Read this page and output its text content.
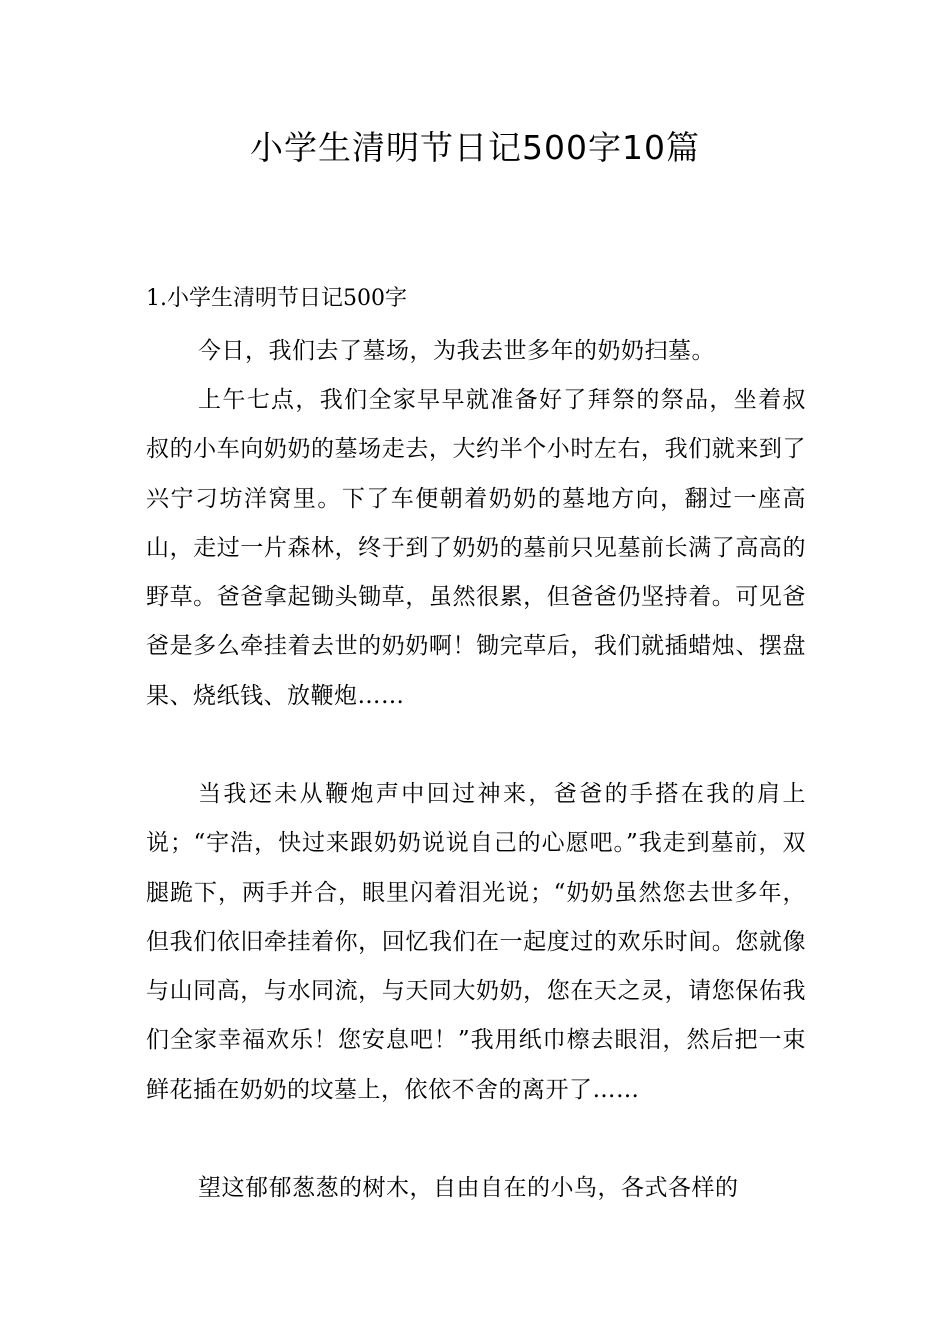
小学生清明节日记500字10篇
1.小学生清明节日记500字

今日，我们去了墓场，为我去世多年的奶奶扫墓。

上午七点，我们全家早早就准备好了拜祭的祭品，坐着叔叔的小车向奶奶的墓场走去，大约半个小时左右，我们就来到了兴宁刁坊洋窝里。下了车便朝着奶奶的墓地方向，翻过一座高山，走过一片森林，终于到了奶奶的墓前只见墓前长满了高高的野草。爸爸拿起锄头锄草，虽然很累，但爸爸仍坚持着。可见爸爸是多么牵挂着去世的奶奶啊！锄完草后，我们就插蜡烛、摆盘果、烧纸钱、放鞭炮……

当我还未从鞭炮声中回过神来，爸爸的手搭在我的肩上说；“宇浩，快过来跟奶奶说说自己的心愿吧。”我走到墓前，双腿跪下，两手并合，眼里闪着泪光说；“奶奶虽然您去世多年，但我们依旧牵挂着你，回忆我们在一起度过的欢乐时间。您就像与山同高，与水同流，与天同大奶奶，您在天之灵，请您保佑我们全家幸福欢乐！您安息吧！”我用纸巾檫去眼泪，然后把一束鲜花插在奶奶的坟墓上，依依不舍的离开了……

望这郁郁葱葱的树木，自由自在的小鸟，各式各样的
